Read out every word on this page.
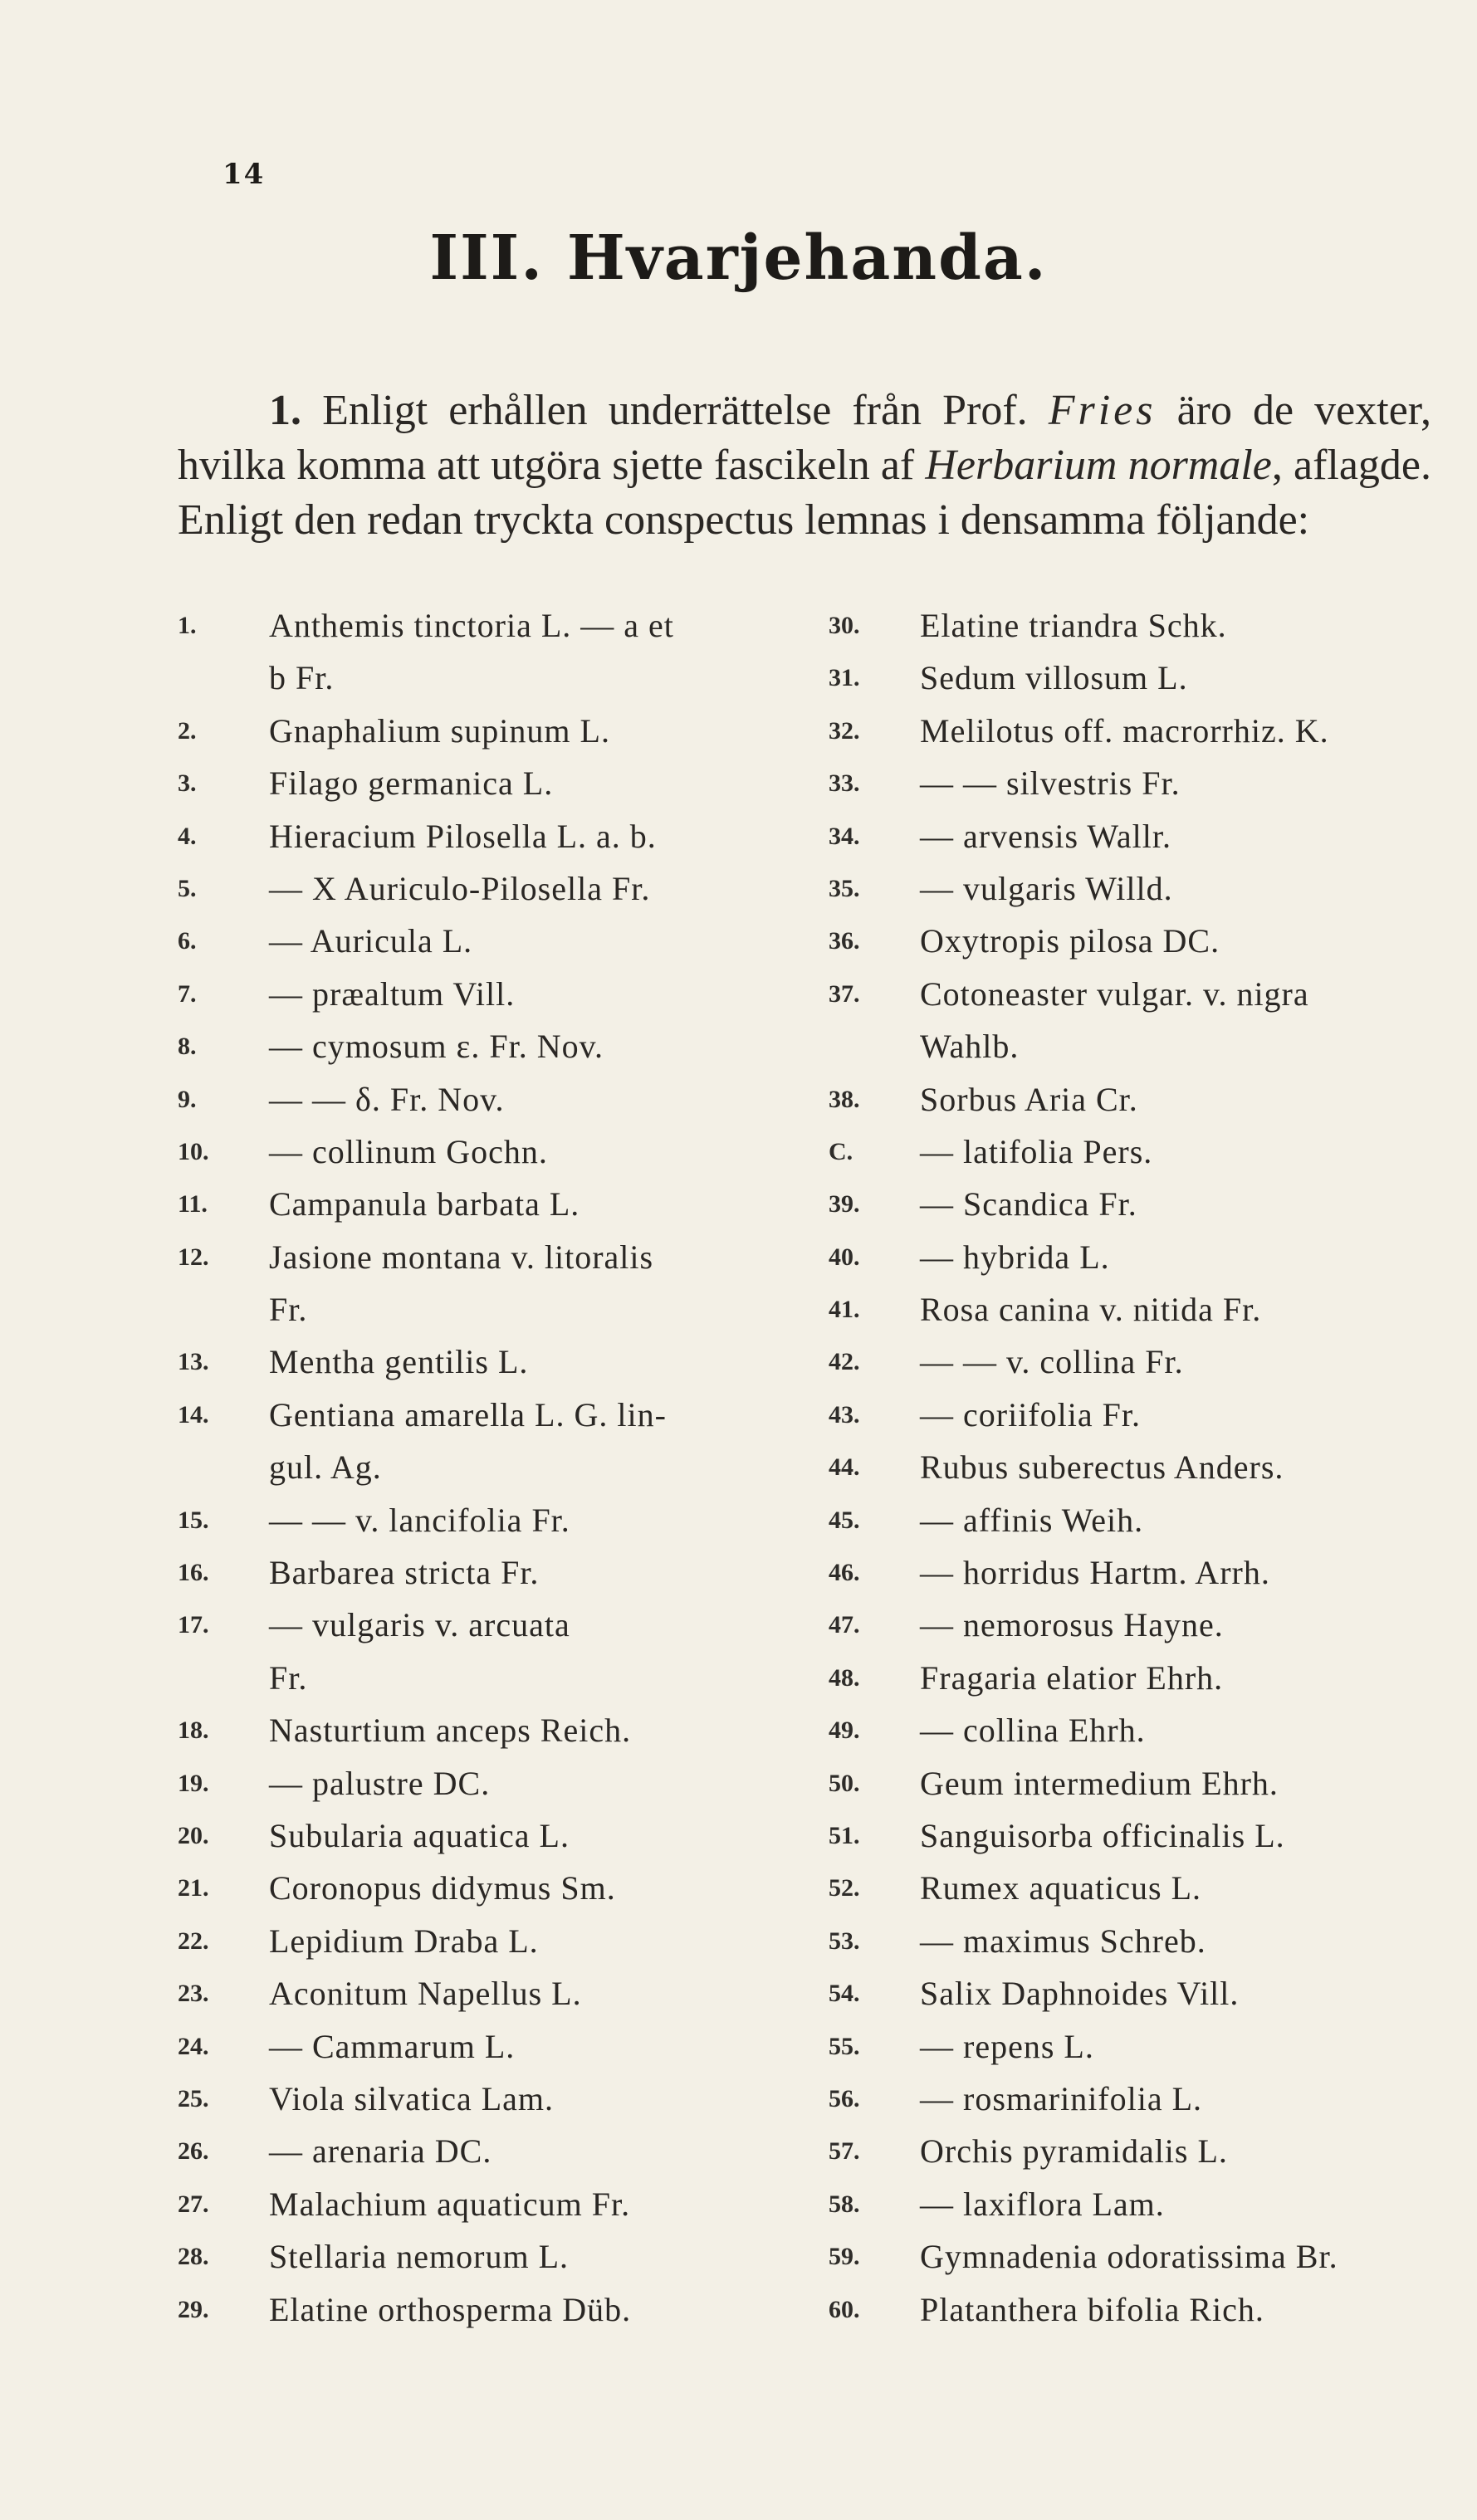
14
III. Hvarjehanda.

1. Enligt erhållen underrättelse från Prof. Fries äro de vexter, hvilka komma att utgöra sjette fascikeln af Herbarium normale, aflagde. Enligt den redan tryckta conspectus lemnas i densamma följande:

1.	Anthemis tinctoria L. — a et
b Fr.
2.	Gnaphalium supinum L.
3.	Filago germanica L.
4.	Hieracium Pilosella L. a. b.
5.	— X Auriculo-Pilosella Fr.
6.	— Auricula L.
7.	— præaltum Vill.
8.	— cymosum ε. Fr. Nov.
9.	— — δ. Fr. Nov.
10.	— collinum Gochn.
11.	Campanula barbata L.
12.	Jasione montana v. litoralis
Fr.
13.	Mentha gentilis L.
14.	Gentiana amarella L. G. lin-
gul. Ag.
15.	— — v. lancifolia Fr.
16.	Barbarea stricta Fr.
17.	— vulgaris v. arcuata
Fr.
18.	Nasturtium anceps Reich.
19.	— palustre DC.
20.	Subularia aquatica L.
21.	Coronopus didymus Sm.
22.	Lepidium Draba L.
23.	Aconitum Napellus L.
24.	— Cammarum L.
25.	Viola silvatica Lam.
26.	— arenaria DC.
27.	Malachium aquaticum Fr.
28.	Stellaria nemorum L.
29.	Elatine orthosperma Düb.
30.	Elatine triandra Schk.
31.	Sedum villosum L.
32.	Melilotus off. macrorrhiz. K.
33.	— — silvestris Fr.
34.	— arvensis Wallr.
35.	— vulgaris Willd.
36.	Oxytropis pilosa DC.
37.	Cotoneaster vulgar. v. nigra
Wahlb.
38.	Sorbus Aria Cr.
C.	— latifolia Pers.
39.	— Scandica Fr.
40.	— hybrida L.
41.	Rosa canina v. nitida Fr.
42.	— — v. collina Fr.
43.	— coriifolia Fr.
44.	Rubus suberectus Anders.
45.	— affinis Weih.
46.	— horridus Hartm. Arrh.
47.	— nemorosus Hayne.
48.	Fragaria elatior Ehrh.
49.	— collina Ehrh.
50.	Geum intermedium Ehrh.
51.	Sanguisorba officinalis L.
52.	Rumex aquaticus L.
53.	— maximus Schreb.
54.	Salix Daphnoides Vill.
55.	— repens L.
56.	— rosmarinifolia L.
57.	Orchis pyramidalis L.
58.	— laxiflora Lam.
59.	Gymnadenia odoratissima Br.
60.	Platanthera bifolia Rich.
